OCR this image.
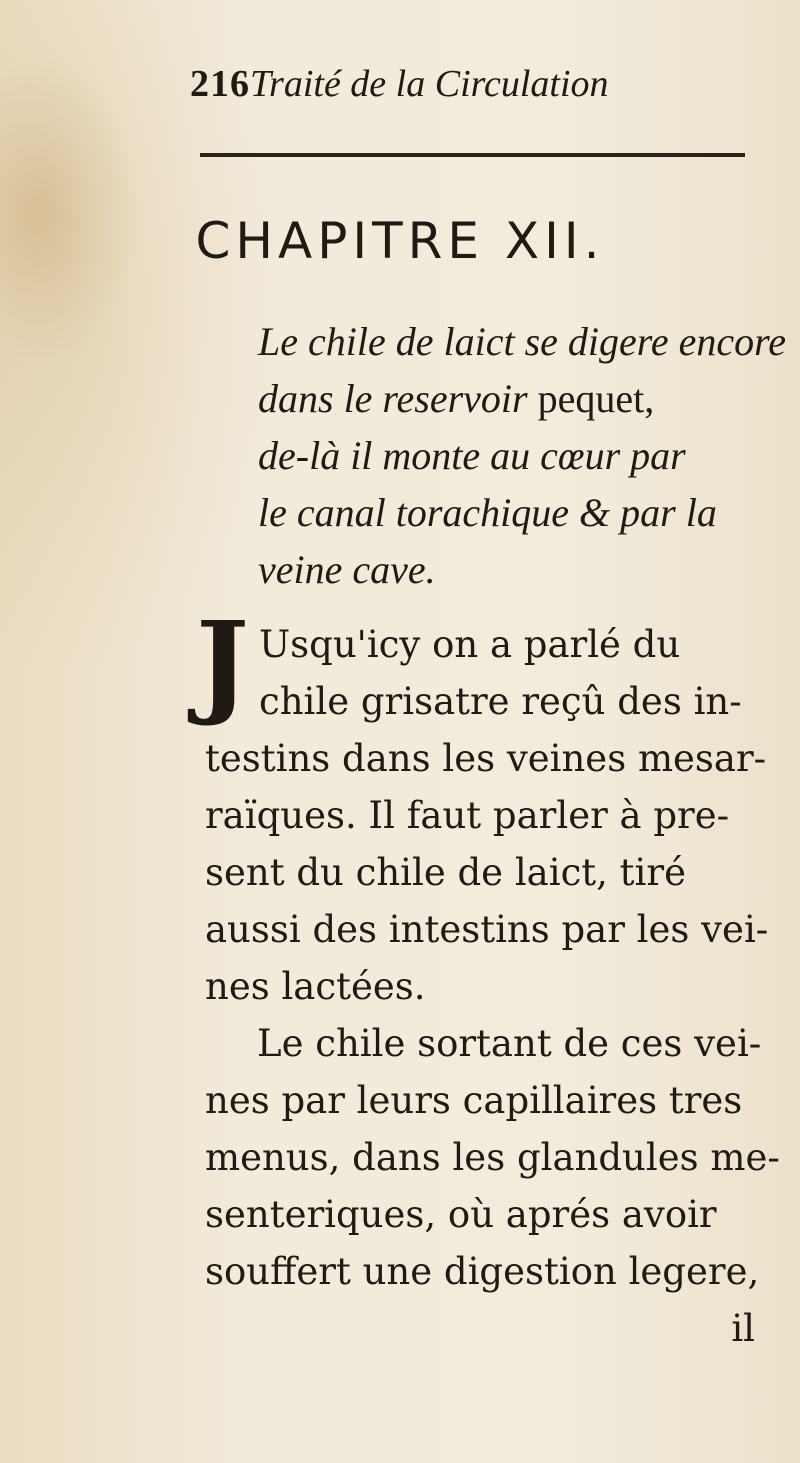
216 Traité de la Circulation
CHAPITRE XII.
Le chile de laict se digere encore
dans le reservoir pequet,
de-là il monte au cœur par
le canal torachique & par la
veine cave.
J Usqu'icy on a parlé du
chile grisatre reçû des in-
testins dans les veines mesar-
raïques. Il faut parler à pre-
sent du chile de laict, tiré
aussi des intestins par les vei-
nes lactées.
Le chile sortant de ces vei-
nes par leurs capillaires tres
menus, dans les glandules me-
senteriques, où aprés avoir
souffert une digestion legere,
il
